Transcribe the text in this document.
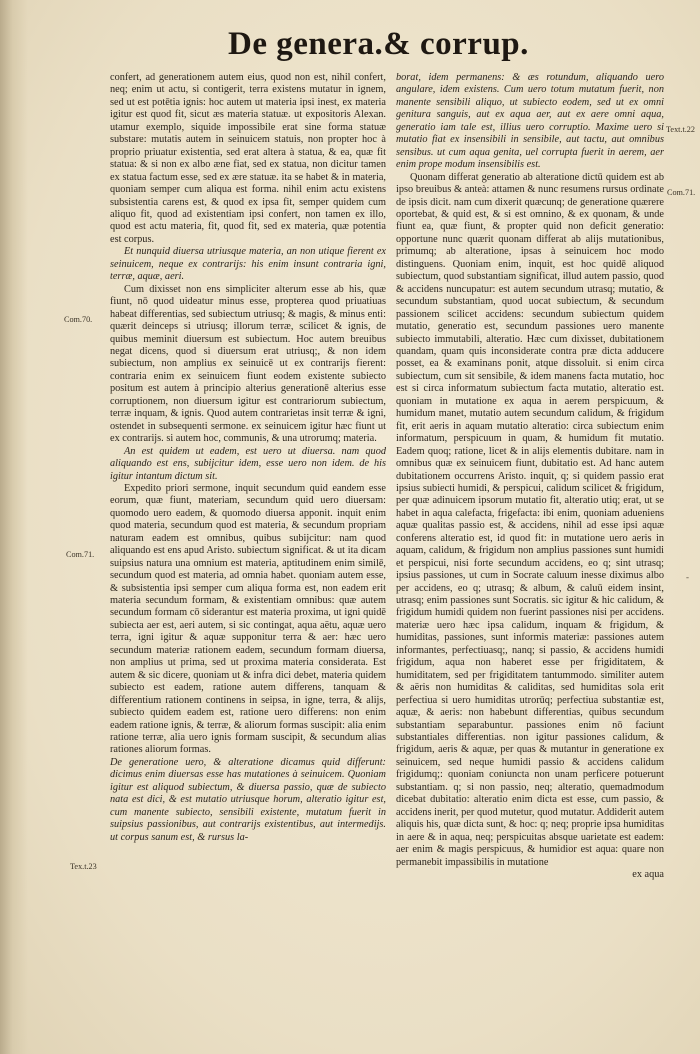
De genera.& corrup.
Com.70.
Com.71.
Tex.t.23
Text.t.22
Com.71.
-

confert, ad generationem autem eius, quod non est, nihil confert, neq; enim ut actu, si contigerit, terra existens mutatur in ignem, sed ut est potētia ignis: hoc autem ut materia ipsi inest, ex materia igitur est quod fit, sicut æs materia statuæ. ut expositoris Alexan. utamur exemplo, siquide impossibile erat sine forma statuæ substare: mutatis autem in seinuicem statuis, non propter hoc à proprio priuatur existentia, sed erat altera à statua, & ea, quæ fit statua: & si non ex albo æne fiat, sed ex statua, non dicitur tamen ex statua factum esse, sed ex ære statuæ. ita se habet & in materia, quoniam semper cum aliqua est forma. nihil enim actu existens subsistentia carens est, & quod ex ipsa fit, semper quidem cum aliquo fit, quod ad existentiam ipsi confert, non tamen ex illo, quod est actu materia, fit, quod fit, sed ex materia, quæ potentia est corpus.

Et nunquid diuersa utriusque materia, an non utique fierent ex seinuicem, neque ex contrarijs: his enim insunt contraria igni, terræ, aquæ, aeri.

Cum dixisset non ens simpliciter alterum esse ab his, quæ fiunt, nō quod uideatur minus esse, propterea quod priuatiuas habeat differentias, sed subiectum utriusq; & magis, & minus enti: quærit deinceps si utriusq; illorum terræ, scilicet & ignis, de quibus meminit diuersum est subiectum. Hoc autem breuibus negat dicens, quod si diuersum erat utriusq;, & non idem subiectum, non amplius ex seinuicē ut ex contrarijs fierent: contraria enim ex seinuicem fiunt eodem existente subiecto positum est autem à principio alterius generationē alterius esse corruptionem, non diuersum igitur est contrariorum subiectum, terræ inquam, & ignis. Quod autem contrarietas insit terræ & igni, ostendet in subsequenti sermone. ex seinuicem igitur hæc fiunt ut ex contrarijs. si autem hoc, communis, & una utrorumq; materia.

An est quidem ut eadem, est uero ut diuersa. nam quod aliquando est ens, subijcitur idem, esse uero non idem. de his igitur intantum dictum sit.

Expedito priori sermone, inquit secundum quid eandem esse eorum, quæ fiunt, materiam, secundum quid uero diuersam: quomodo uero eadem, & quomodo diuersa apponit. inquit enim quod materia, secundum quod est materia, & secundum propriam naturam eadem est omnibus, quibus subijcitur: nam quod aliquando est ens apud Aristo. subiectum significat. & ut ita dicam suipsius natura una omnium est materia, aptitudinem enim similē, secundum quod est materia, ad omnia habet. quoniam autem esse, & subsistentia ipsi semper cum aliqua forma est, non eadem erit materia secundum formam, & existentiam omnibus: quæ autem secundum formam cō siderantur est materia proxima, ut igni quidē subiecta aer est, aeri autem, si sic contingat, aqua aëtu, aquæ uero terra, igni igitur & aquæ supponitur terra & aer: hæc uero secundum materiæ rationem eadem, secundum formam diuersa, non amplius ut prima, sed ut proxima materia considerata. Est autem & sic dicere, quoniam ut & infra dici debet, materia quidem subiecto est eadem, ratione autem differens, tanquam & differentium rationem continens in seipsa, in igne, terra, & alijs, subiecto quidem eadem est, ratione uero differens: non enim eadem ratione ignis, & terræ, & aliorum formas suscipit: alia enim ratione terræ, alia uero ignis formam suscipit, & secundum alias rationes aliorum formas.

De generatione uero, & alteratione dicamus quid differunt: dicimus enim diuersas esse has mutationes à seinuicem. Quoniam igitur est aliquod subiectum, & diuersa passio, quæ de subiecto nata est dici, & est mutatio utriusque horum, alteratio igitur est, cum manente subiecto, sensibili existente, mutatum fuerit in suipsius passionibus, aut contrarijs existentibus, aut intermedijs. ut corpus sanum est, & rursus la-

borat, idem permanens: & æs rotundum, aliquando uero angulare, idem existens. Cum uero totum mutatum fuerit, non manente sensibili aliquo, ut subiecto eodem, sed ut ex omni genitura sanguis, aut ex aqua aer, aut ex aere omni aqua, generatio iam tale est, illius uero corruptio. Maxime uero si mutatio fiat ex insensibili in sensibile, aut tactu, aut omnibus sensibus. ut cum aqua genita, uel corrupta fuerit in aerem, aer enim prope modum insensibilis est.

Quonam differat generatio ab alteratione dictū quidem est ab ipso breuibus & anteà: attamen & nunc resumens rursus ordinate de ipsis dicit. nam cum dixerit quæcunq; de generatione quærere oportebat, & quid est, & si est omnino, & ex quonam, & unde fiunt ea, quæ fiunt, & propter quid non deficit generatio: opportune nunc quærit quonam differat ab alijs mutationibus, primumq; ab alteratione, ipsas à seinuicem hoc modo distinguens. Quoniam enim, inquit, est hoc quidē aliquod subiectum, quod substantiam significat, illud autem passio, quod & accidens nuncupatur: est autem secundum utrasq; mutatio, & secundum substantiam, quod uocat subiectum, & secundum passionem scilicet accidens: secundum subiectum quidem mutatio, generatio est, secundum passiones uero manente subiecto immutabili, alteratio. Hæc cum dixisset, dubitationem quandam, quam quis inconsiderate contra præ dicta adducere posset, ea & examinans ponit, atque dissoluit. si enim circa subiectum, cum sit sensibile, & idem manens facta mutatio, hoc est si circa informatum subiectum facta mutatio, alteratio est. quoniam in mutatione ex aqua in aerem perspicuum, & humidum manet, mutatio autem secundum calidum, & frigidum fit, erit aeris in aquam mutatio alteratio: circa subiectum enim informatum, perspicuum in quam, & humidum fit mutatio. Eadem quoq; ratione, licet & in alijs elementis dubitare. nam in omnibus quæ ex seinuicem fiunt, dubitatio est. Ad hanc autem dubitationem occurrens Aristo. inquit, q; si quidem passio erat ipsius subiecti humidi, & perspicui, calidum scilicet & frigidum, per quæ adinuicem ipsorum mutatio fit, alteratio utiq; erat, ut se habet in aqua calefacta, frigefacta: ibi enim, quoniam adueniens aquæ qualitas passio est, & accidens, nihil ad esse ipsi aquæ conferens alteratio est, id quod fit: in mutatione uero aeris in aquam, calidum, & frigidum non amplius passiones sunt humidi et perspicui, nisi forte secundum accidens, eo q; sint utrasq; ipsius passiones, ut cum in Socrate caluum inesse diximus albo per accidens, eo q; utrasq; & album, & caluū eidem insint, utrasq; enim passiones sunt Socratis. sic igitur & hic calidum, & frigidum humidi quidem non fuerint passiones nisi per accidens. materiæ uero hæc ipsa calidum, inquam & frigidum, & humiditas, passiones, sunt informis materiæ: passiones autem informantes, perfectiuasq;, nanq; si passio, & accidens humidi frigidum, aqua non haberet esse per frigiditatem, & humiditatem, sed per frigiditatem tantummodo. similiter autem & aëris non humiditas & caliditas, sed humiditas sola erit perfectiua si uero humiditas utrorūq; perfectiua substantiæ est, aquæ, & aeris: non habebunt differentias, quibus secundum substantiam separabuntur. passiones enim nō faciunt substantiales differentias. non igitur passiones calidum, & frigidum, aeris & aquæ, per quas & mutantur in generatione ex seinuicem, sed neque humidi passio & accidens calidum frigidumq;: quoniam coniuncta non unam perficere potuerunt substantiam. q; si non passio, neq; alteratio, quemadmodum dicebat dubitatio: alteratio enim dicta est esse, cum passio, & accidens inerit, per quod mutetur, quod mutatur. Addiderit autem aliquis his, quæ dicta sunt, & hoc: q; neq; proprie ipsa humiditas in aere & in aqua, neq; perspicuitas absque uarietate est eadem: aer enim & magis perspicuus, & humidior est aqua: quare non permanebit impassibilis in mutatione

ex aqua
